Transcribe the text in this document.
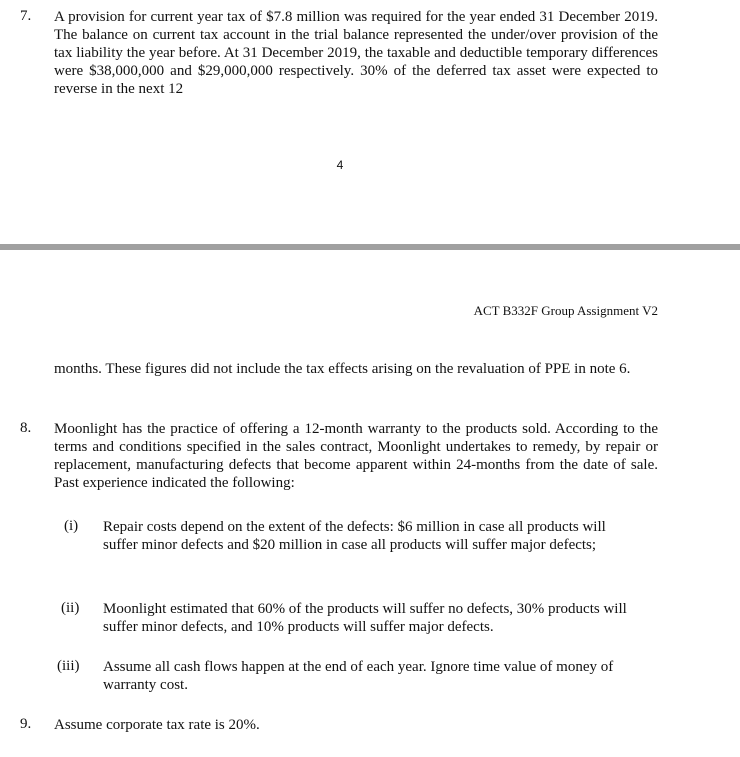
7. A provision for current year tax of $7.8 million was required for the year ended 31 December 2019. The balance on current tax account in the trial balance represented the under/over provision of the tax liability the year before. At 31 December 2019, the taxable and deductible temporary differences were $38,000,000 and $29,000,000 respectively. 30% of the deferred tax asset were expected to reverse in the next 12
4
ACT B332F Group Assignment V2
months. These figures did not include the tax effects arising on the revaluation of PPE in note 6.
8. Moonlight has the practice of offering a 12-month warranty to the products sold. According to the terms and conditions specified in the sales contract, Moonlight undertakes to remedy, by repair or replacement, manufacturing defects that become apparent within 24-months from the date of sale. Past experience indicated the following:
(i) Repair costs depend on the extent of the defects: $6 million in case all products will suffer minor defects and $20 million in case all products will suffer major defects;
(ii) Moonlight estimated that 60% of the products will suffer no defects, 30% products will suffer minor defects, and 10% products will suffer major defects.
(iii) Assume all cash flows happen at the end of each year. Ignore time value of money of warranty cost.
9. Assume corporate tax rate is 20%.
